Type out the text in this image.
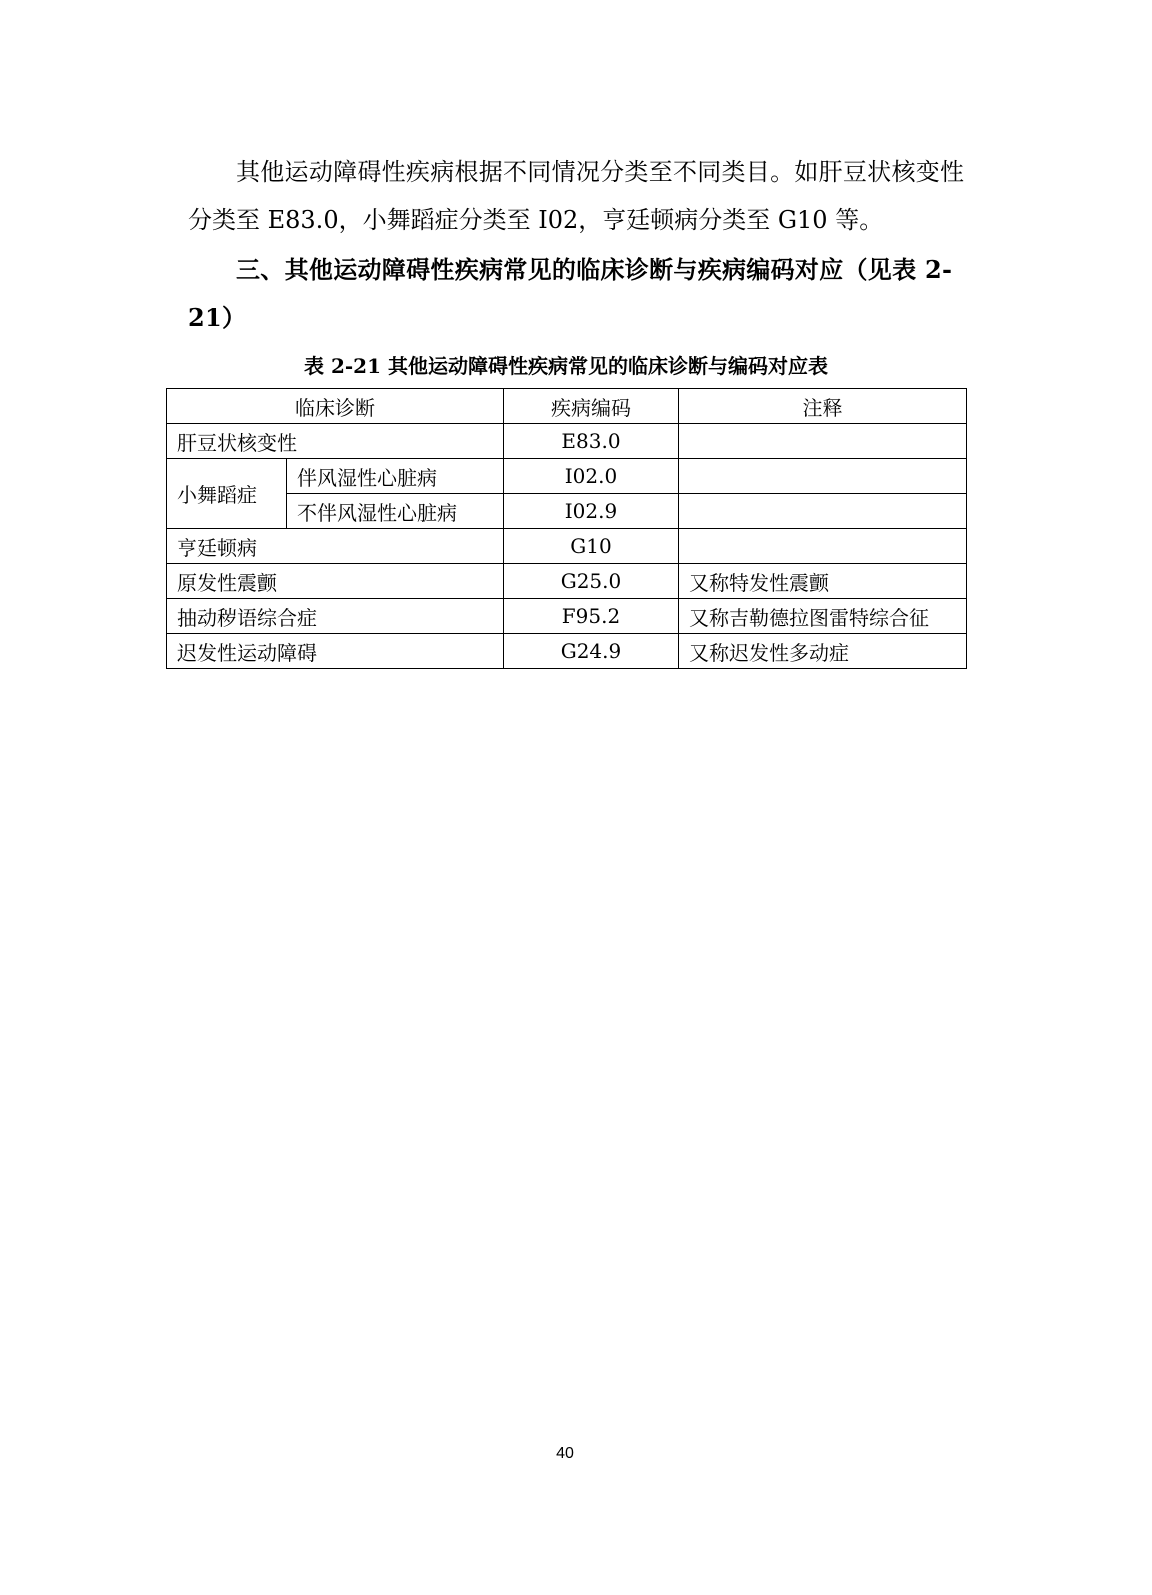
其他运动障碍性疾病根据不同情况分类至不同类目。如肝豆状核变性分类至 E83.0，小舞蹈症分类至 I02，亨廷顿病分类至 G10 等。

三、其他运动障碍性疾病常见的临床诊断与疾病编码对应（见表 2-21）

表 2-21 其他运动障碍性疾病常见的临床诊断与编码对应表

临床诊断		疾病编码	注释
肝豆状核变性		E83.0	
小舞蹈症	伴风湿性心脏病	I02.0	
	不伴风湿性心脏病	I02.9	
亨廷顿病		G10	
原发性震颤		G25.0	又称特发性震颤
抽动秽语综合症		F95.2	又称吉勒德拉图雷特综合征
迟发性运动障碍		G24.9	又称迟发性多动症
40
